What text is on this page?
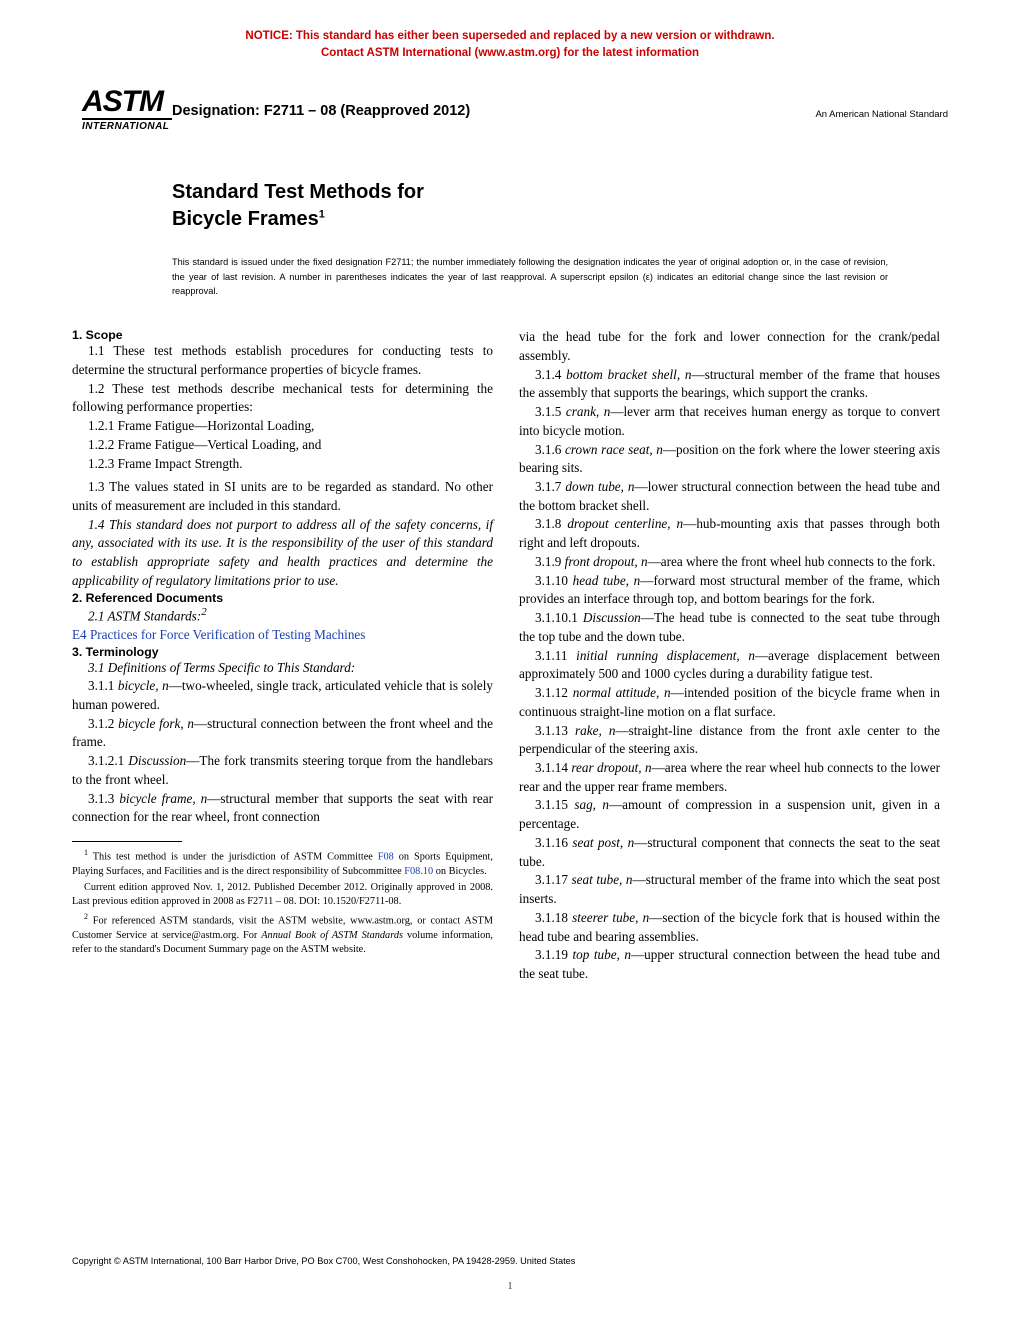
NOTICE: This standard has either been superseded and replaced by a new version or withdrawn.
Contact ASTM International (www.astm.org) for the latest information
ASTM
INTERNATIONAL
Designation: F2711 – 08 (Reapproved 2012)	An American National Standard
Standard Test Methods for
Bicycle Frames$^1$
This standard is issued under the fixed designation F2711; the number immediately following the designation indicates the year of original adoption or, in the case of revision, the year of last revision. A number in parentheses indicates the year of last reapproval. A superscript epsilon (ε) indicates an editorial change since the last revision or reapproval.
1. Scope

1.1 These test methods establish procedures for conducting tests to determine the structural performance properties of bicycle frames.

1.2 These test methods describe mechanical tests for determining the following performance properties:

1.2.1 Frame Fatigue—Horizontal Loading,

1.2.2 Frame Fatigue—Vertical Loading, and

1.2.3 Frame Impact Strength.

1.3 The values stated in SI units are to be regarded as standard. No other units of measurement are included in this standard.

1.4 This standard does not purport to address all of the safety concerns, if any, associated with its use. It is the responsibility of the user of this standard to establish appropriate safety and health practices and determine the applicability of regulatory limitations prior to use.

2. Referenced Documents

2.1 ASTM Standards:$^2$

E4 Practices for Force Verification of Testing Machines

3. Terminology

3.1 Definitions of Terms Specific to This Standard:

3.1.1 bicycle, n—two-wheeled, single track, articulated vehicle that is solely human powered.

3.1.2 bicycle fork, n—structural connection between the front wheel and the frame.

3.1.2.1 Discussion—The fork transmits steering torque from the handlebars to the front wheel.

3.1.3 bicycle frame, n—structural member that supports the seat with rear connection for the rear wheel, front connection

$^1$ This test method is under the jurisdiction of ASTM Committee F08 on Sports Equipment, Playing Surfaces, and Facilities and is the direct responsibility of Subcommittee F08.10 on Bicycles.

Current edition approved Nov. 1, 2012. Published December 2012. Originally approved in 2008. Last previous edition approved in 2008 as F2711 – 08. DOI: 10.1520/F2711-08.

$^2$ For referenced ASTM standards, visit the ASTM website, www.astm.org, or contact ASTM Customer Service at service@astm.org. For Annual Book of ASTM Standards volume information, refer to the standard's Document Summary page on the ASTM website.

via the head tube for the fork and lower connection for the crank/pedal assembly.

3.1.4 bottom bracket shell, n—structural member of the frame that houses the assembly that supports the bearings, which support the cranks.

3.1.5 crank, n—lever arm that receives human energy as torque to convert into bicycle motion.

3.1.6 crown race seat, n—position on the fork where the lower steering axis bearing sits.

3.1.7 down tube, n—lower structural connection between the head tube and the bottom bracket shell.

3.1.8 dropout centerline, n—hub-mounting axis that passes through both right and left dropouts.

3.1.9 front dropout, n—area where the front wheel hub connects to the fork.

3.1.10 head tube, n—forward most structural member of the frame, which provides an interface through top, and bottom bearings for the fork.

3.1.10.1 Discussion—The head tube is connected to the seat tube through the top tube and the down tube.

3.1.11 initial running displacement, n—average displacement between approximately 500 and 1000 cycles during a durability fatigue test.

3.1.12 normal attitude, n—intended position of the bicycle frame when in continuous straight-line motion on a flat surface.

3.1.13 rake, n—straight-line distance from the front axle center to the perpendicular of the steering axis.

3.1.14 rear dropout, n—area where the rear wheel hub connects to the lower rear and the upper rear frame members.

3.1.15 sag, n—amount of compression in a suspension unit, given in a percentage.

3.1.16 seat post, n—structural component that connects the seat to the seat tube.

3.1.17 seat tube, n—structural member of the frame into which the seat post inserts.

3.1.18 steerer tube, n—section of the bicycle fork that is housed within the head tube and bearing assemblies.

3.1.19 top tube, n—upper structural connection between the head tube and the seat tube.

Copyright © ASTM International, 100 Barr Harbor Drive, PO Box C700, West Conshohocken, PA 19428-2959. United States
1
